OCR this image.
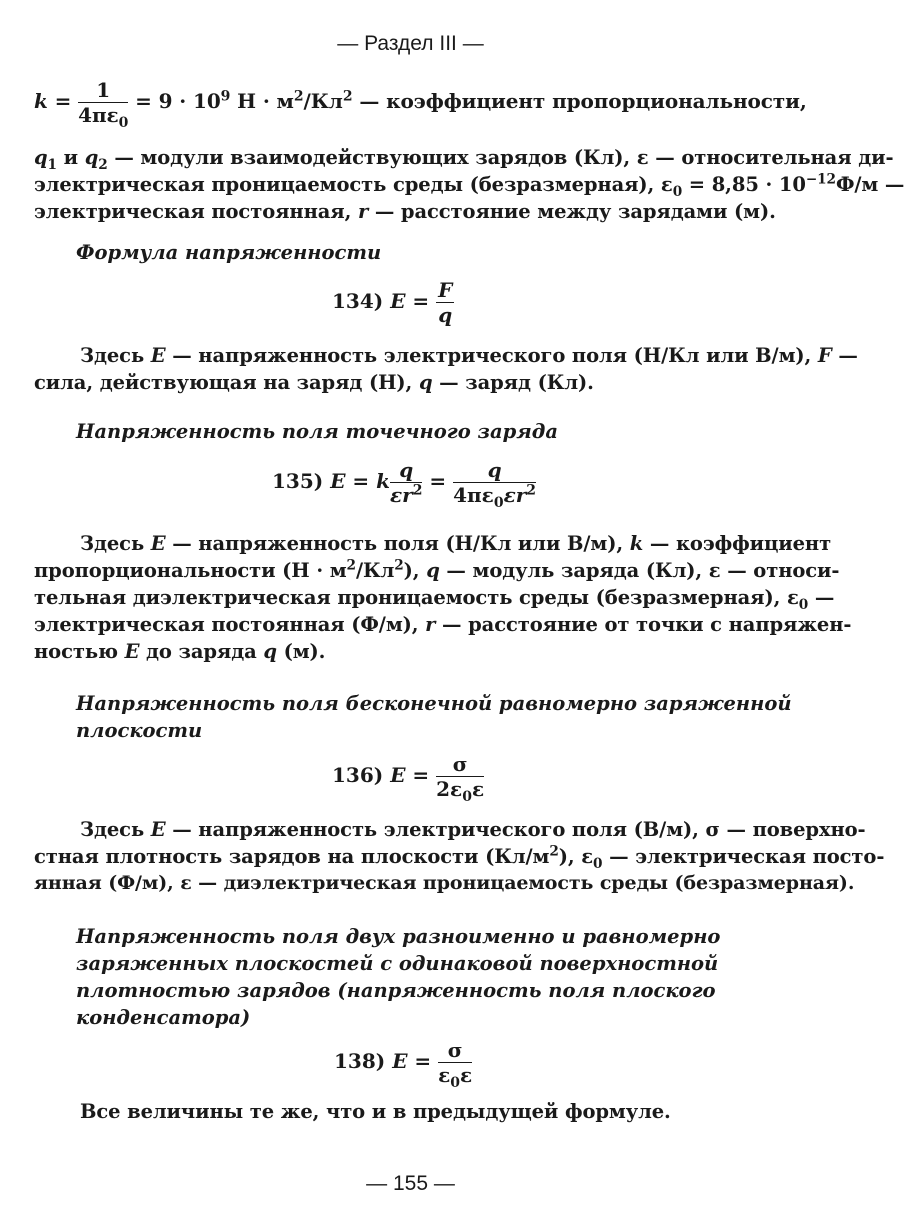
— Раздел III —
$k = \frac{1}{4\pi\varepsilon_0} = 9 \cdot 10^9$ $Н \cdot м^2/Кл^2$ — коэффициент пропорциональности,
$q_1$ и $q_2$ — модули взаимодействующих зарядов (Кл), ε — относительная ди-
электрическая проницаемость среды (безразмерная), $\varepsilon_0 = 8,85 \cdot 10^{-12}Ф/м$ —
электрическая постоянная, r — расстояние между зарядами (м).
Формула напряженности
134) $E = \frac{F}{q}$
Здесь E — напряженность электрического поля (Н/Кл или В/м), F —
сила, действующая на заряд (Н), q — заряд (Кл).
Напряженность поля точечного заряда
135) E = k $\frac{q}{\varepsilon r^2} = \frac{q}{4\pi\varepsilon_0\varepsilon r^2}$
Здесь E — напряженность поля (Н/Кл или В/м), k — коэффициент
пропорциональности $(Н \cdot м^2/Кл^2)$, q — модуль заряда (Кл), ε — относи-
тельная диэлектрическая проницаемость среды (безразмерная), $\varepsilon_0$ —
электрическая постоянная (Ф/м), r — расстояние от точки с напряжен-
ностью E до заряда q (м).
Напряженность поля бесконечной равномерно заряженной
плоскости
136) $E = \frac{\sigma}{2\varepsilon_0\varepsilon}$
Здесь E — напряженность электрического поля (В/м), σ — поверхно-
стная плотность зарядов на плоскости $(Кл/м^2)$, $\varepsilon_0$ — электрическая посто-
янная (Ф/м), ε — диэлектрическая проницаемость среды (безразмерная).
Напряженность поля двух разноименно и равномерно
заряженных плоскостей с одинаковой поверхностной
плотностью зарядов (напряженность поля плоского
конденсатора)
138) $E = \frac{\sigma}{\varepsilon_0\varepsilon}$
Все величины те же, что и в предыдущей формуле.
— 155 —
